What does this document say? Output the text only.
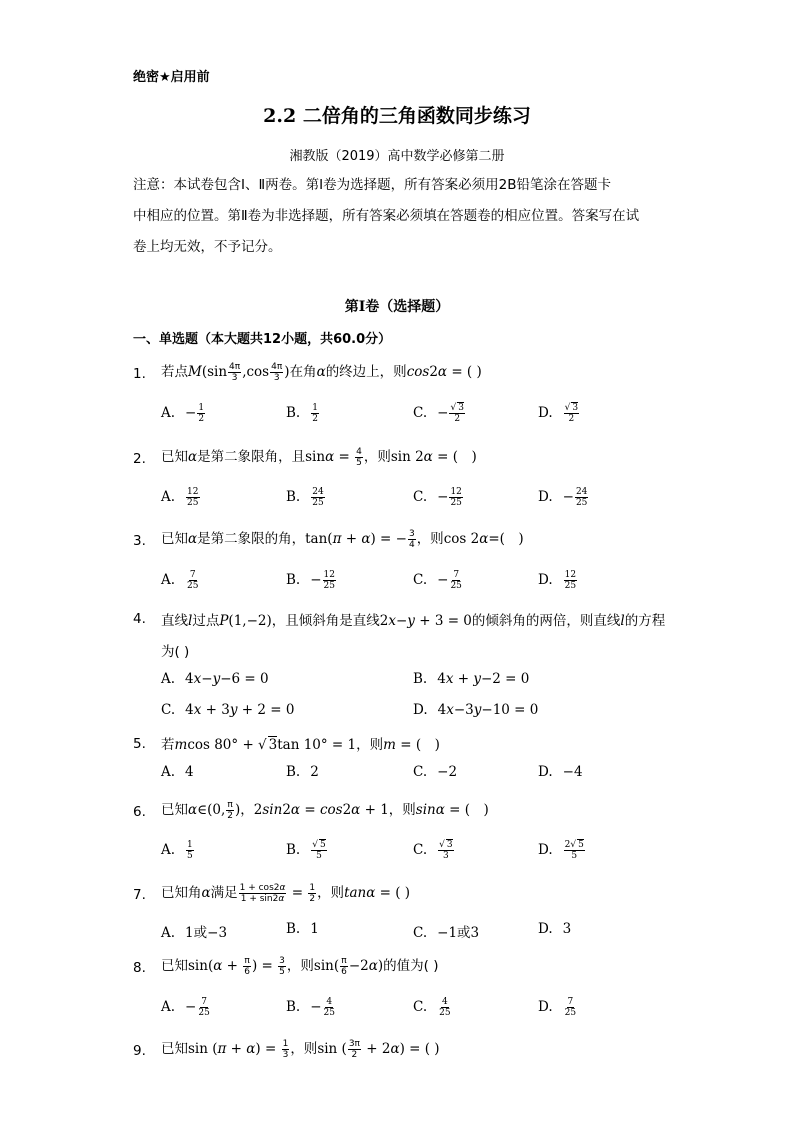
绝密★启用前
2.2 二倍角的三角函数同步练习
湘教版（2019）高中数学必修第二册
注意：本试卷包含Ⅰ、Ⅱ两卷。第Ⅰ卷为选择题，所有答案必须用2B铅笔涂在答题卡
中相应的位置。第Ⅱ卷为非选择题，所有答案必须填在答题卷的相应位置。答案写在试
卷上均无效，不予记分。
第Ⅰ卷（选择题）
一、单选题（本大题共12小题，共60.0分）
1. 若点$M(\sin \frac{4\pi}{3} ,\cos \frac{4\pi}{3}$ )在角α的终边上，则cos2α = ( )
A. − $\frac{1}{2}$	B. $\frac{1}{2}$	C. − $\frac{√ 3}{2}$	D. $\frac{√ 3}{2}$
2. 已知α是第二象限角，且$\sin\alpha = \frac{4}{5}$ ，则sin 2α = (　)
A. $\frac{12}{25}$	B. $\frac{24}{25}$	C. − $\frac{12}{25}$	D. − $\frac{24}{25}$
3. 已知α是第二象限的角，tan(π + α) = − $\frac{3}{4}$ ，则cos 2α=(　)
A. $\frac{7}{25}$	B. − $\frac{12}{25}$	C. − $\frac{7}{25}$	D. $\frac{12}{25}$
4. 直线l过点P(1,−2)，且倾斜角是直线2x−y + 3 = 0的倾斜角的两倍，则直线l的方程
为( )
A. 4x−y−6 = 0	B. 4x + y−2 = 0
C. 4x + 3y + 2 = 0	D. 4x−3y−10 = 0
5. 若mcos 80° + √ 3tan 10° = 1，则m = (　)
A. 4	B. 2	C. −2	D. −4
6. 已知α∈(0, $\frac{\pi}{2}$ )，2sin2α = cos2α + 1，则sinα = (　)
A. $\frac{1}{5}$	B. $\frac{√ 5}{5}$	C. $\frac{√ 3}{3}$	D. $\frac{2√ 5}{5}$
7. 已知角α满足 $\frac{1 + \cos 2\alpha}{1 + \sin 2\alpha} = \frac{1}{2}$ ，则tanα = ( )
A. 1或−3	B. 1	C. −1或3	D. 3
8. 已知$\sin(\alpha + \frac{\pi}{6}$ ) = $\frac{3}{5}$ ，则$\sin( \frac{\pi}{6} -2\alpha)$的值为( )
A. − $\frac{7}{25}$	B. − $\frac{4}{25}$	C. $\frac{4}{25}$	D. $\frac{7}{25}$
9. 已知$\sin (\pi + \alpha) = \frac{1}{3}$ ，则sin ( $\frac{3\pi}{2} + 2\alpha$) = ( )
